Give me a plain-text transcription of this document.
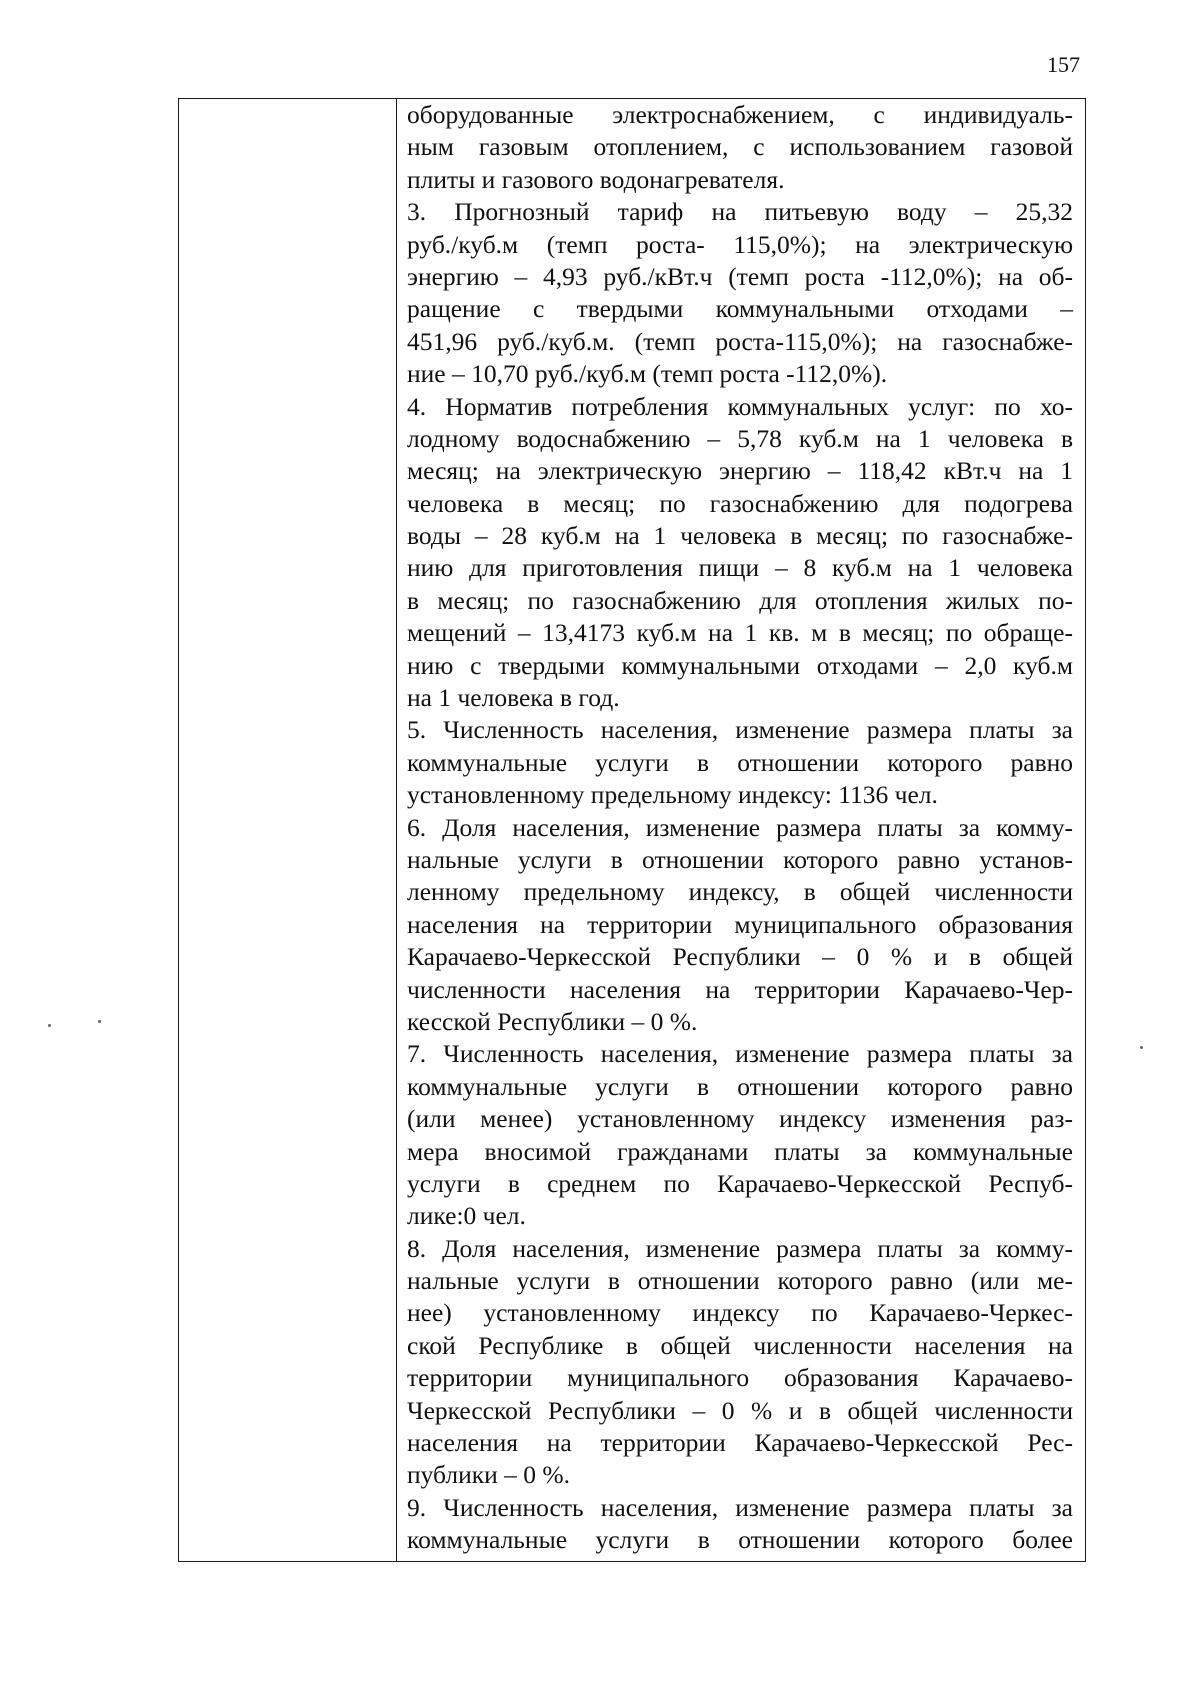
157
оборудованные электроснабжением, с индивидуаль-
ным газовым отоплением, с использованием газовой
плиты и газового водонагревателя.
3. Прогнозный тариф на питьевую воду – 25,32
руб./куб.м (темп роста- 115,0%); на электрическую
энергию – 4,93 руб./кВт.ч (темп роста -112,0%); на об-
ращение с твердыми коммунальными отходами –
451,96 руб./куб.м. (темп роста-115,0%); на газоснабже-
ние – 10,70 руб./куб.м (темп роста -112,0%).
4. Норматив потребления коммунальных услуг: по хо-
лодному водоснабжению – 5,78 куб.м на 1 человека в
месяц; на электрическую энергию – 118,42 кВт.ч на 1
человека в месяц; по газоснабжению для подогрева
воды – 28 куб.м на 1 человека в месяц; по газоснабже-
нию для приготовления пищи – 8 куб.м на 1 человека
в месяц; по газоснабжению для отопления жилых по-
мещений – 13,4173 куб.м на 1 кв. м в месяц; по обраще-
нию с твердыми коммунальными отходами – 2,0 куб.м
на 1 человека в год.
5. Численность населения, изменение размера платы за
коммунальные услуги в отношении которого равно
установленному предельному индексу: 1136 чел.
6. Доля населения, изменение размера платы за комму-
нальные услуги в отношении которого равно установ-
ленному предельному индексу, в общей численности
населения на территории муниципального образования
Карачаево-Черкесской Республики – 0 % и в общей
численности населения на территории Карачаево-Чер-
кесской Республики – 0 %.
7. Численность населения, изменение размера платы за
коммунальные услуги в отношении которого равно
(или менее) установленному индексу изменения раз-
мера вносимой гражданами платы за коммунальные
услуги в среднем по Карачаево-Черкесской Респуб-
лике:0 чел.
8. Доля населения, изменение размера платы за комму-
нальные услуги в отношении которого равно (или ме-
нее) установленному индексу по Карачаево-Черкес-
ской Республике в общей численности населения на
территории муниципального образования Карачаево-
Черкесской Республики – 0 % и в общей численности
населения на территории Карачаево-Черкесской Рес-
публики – 0 %.
9. Численность населения, изменение размера платы за
коммунальные услуги в отношении которого более
